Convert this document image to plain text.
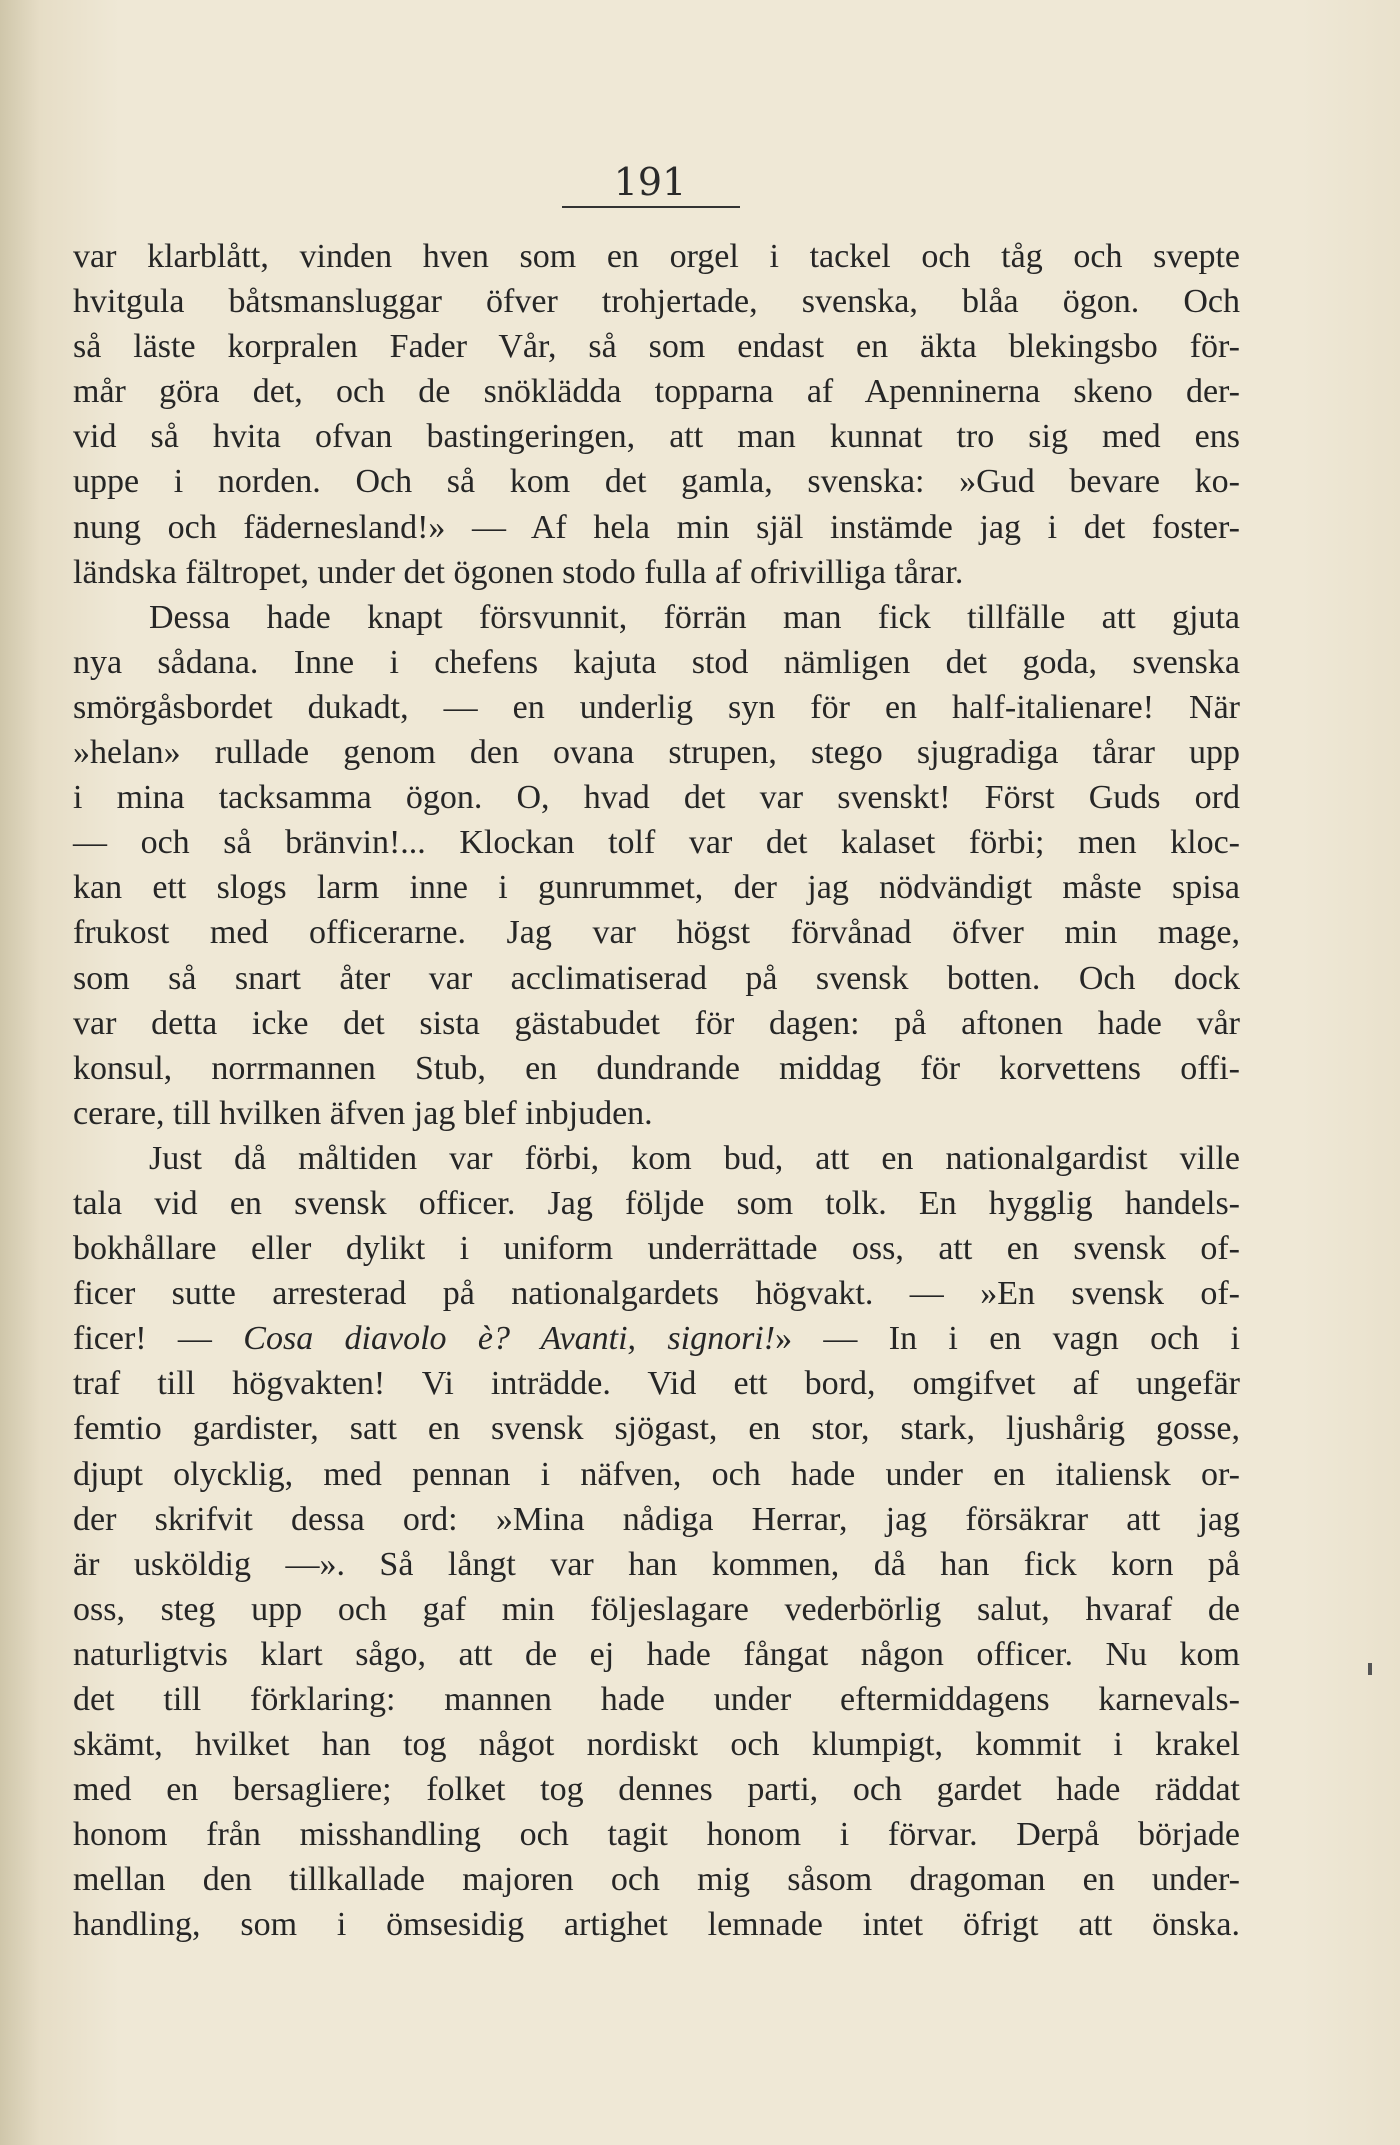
191
var klarblått, vinden hven som en orgel i tackel och tåg och svepte
hvitgula båtsmansluggar öfver trohjertade, svenska, blåa ögon. Och
så läste korpralen Fader Vår, så som endast en äkta blekingsbo för-
mår göra det, och de snöklädda topparna af Apenninerna skeno der-
vid så hvita ofvan bastingeringen, att man kunnat tro sig med ens
uppe i norden. Och så kom det gamla, svenska: »Gud bevare ko-
nung och fädernesland!» — Af hela min själ instämde jag i det foster-
ländska fältropet, under det ögonen stodo fulla af ofrivilliga tårar.
Dessa hade knapt försvunnit, förrän man fick tillfälle att gjuta
nya sådana. Inne i chefens kajuta stod nämligen det goda, svenska
smörgåsbordet dukadt, — en underlig syn för en half-italienare! När
»helan» rullade genom den ovana strupen, stego sjugradiga tårar upp
i mina tacksamma ögon. O, hvad det var svenskt! Först Guds ord
— och så bränvin!... Klockan tolf var det kalaset förbi; men kloc-
kan ett slogs larm inne i gunrummet, der jag nödvändigt måste spisa
frukost med officerarne. Jag var högst förvånad öfver min mage,
som så snart åter var acclimatiserad på svensk botten. Och dock
var detta icke det sista gästabudet för dagen: på aftonen hade vår
konsul, norrmannen Stub, en dundrande middag för korvettens offi-
cerare, till hvilken äfven jag blef inbjuden.
Just då måltiden var förbi, kom bud, att en nationalgardist ville
tala vid en svensk officer. Jag följde som tolk. En hygglig handels-
bokhållare eller dylikt i uniform underrättade oss, att en svensk of-
ficer sutte arresterad på nationalgardets högvakt. — »En svensk of-
ficer! — Cosa diavolo è? Avanti, signori!» — In i en vagn och i
traf till högvakten! Vi inträdde. Vid ett bord, omgifvet af ungefär
femtio gardister, satt en svensk sjögast, en stor, stark, ljushårig gosse,
djupt olycklig, med pennan i näfven, och hade under en italiensk or-
der skrifvit dessa ord: »Mina nådiga Herrar, jag försäkrar att jag
är usköldig —». Så långt var han kommen, då han fick korn på
oss, steg upp och gaf min följeslagare vederbörlig salut, hvaraf de
naturligtvis klart sågo, att de ej hade fångat någon officer. Nu kom
det till förklaring: mannen hade under eftermiddagens karnevals-
skämt, hvilket han tog något nordiskt och klumpigt, kommit i krakel
med en bersagliere; folket tog dennes parti, och gardet hade räddat
honom från misshandling och tagit honom i förvar. Derpå började
mellan den tillkallade majoren och mig såsom dragoman en under-
handling, som i ömsesidig artighet lemnade intet öfrigt att önska.
